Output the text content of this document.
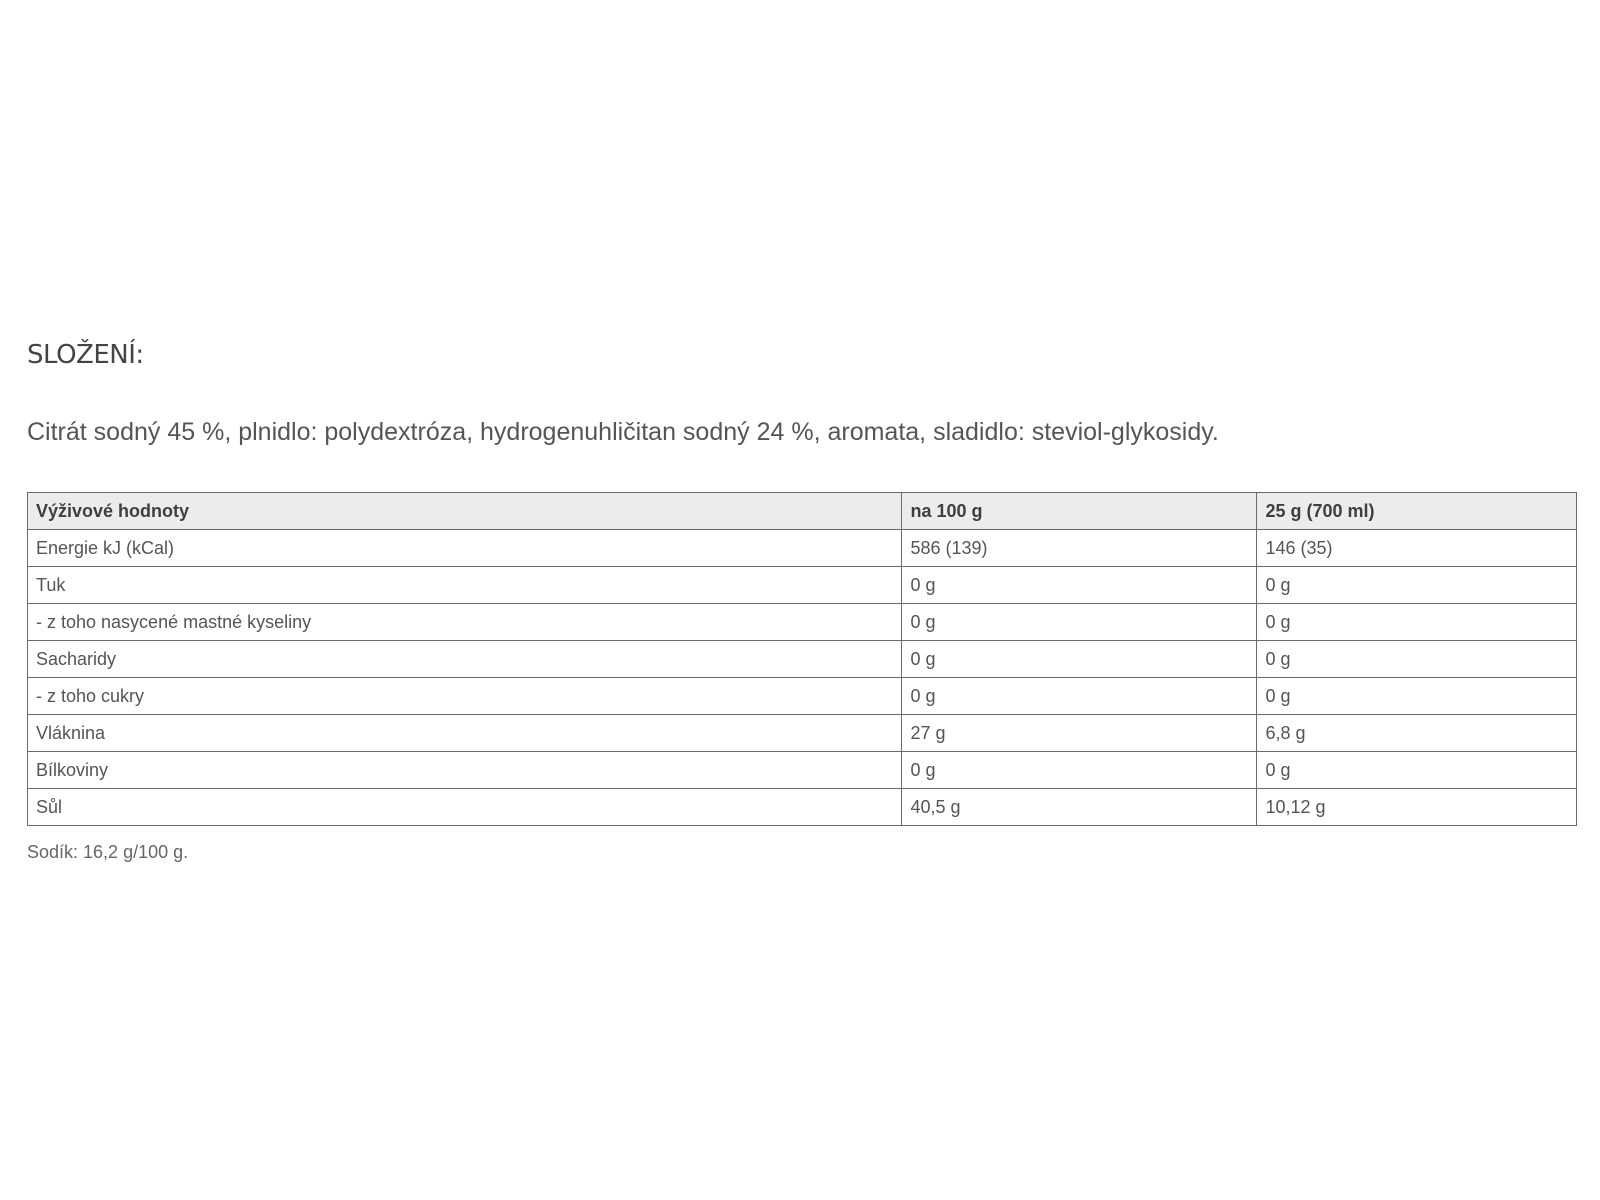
SLOŽENÍ:

Citrát sodný 45 %, plnidlo: polydextróza, hydrogenuhličitan sodný 24 %, aromata, sladidlo: steviol-glykosidy.

Výživové hodnoty	na 100 g	25 g (700 ml)
Energie kJ (kCal)	586 (139)	146 (35)
Tuk	0 g	0 g
- z toho nasycené mastné kyseliny	0 g	0 g
Sacharidy	0 g	0 g
- z toho cukry	0 g	0 g
Vláknina	27 g	6,8 g
Bílkoviny	0 g	0 g
Sůl	40,5 g	10,12 g

Sodík: 16,2 g/100 g.
